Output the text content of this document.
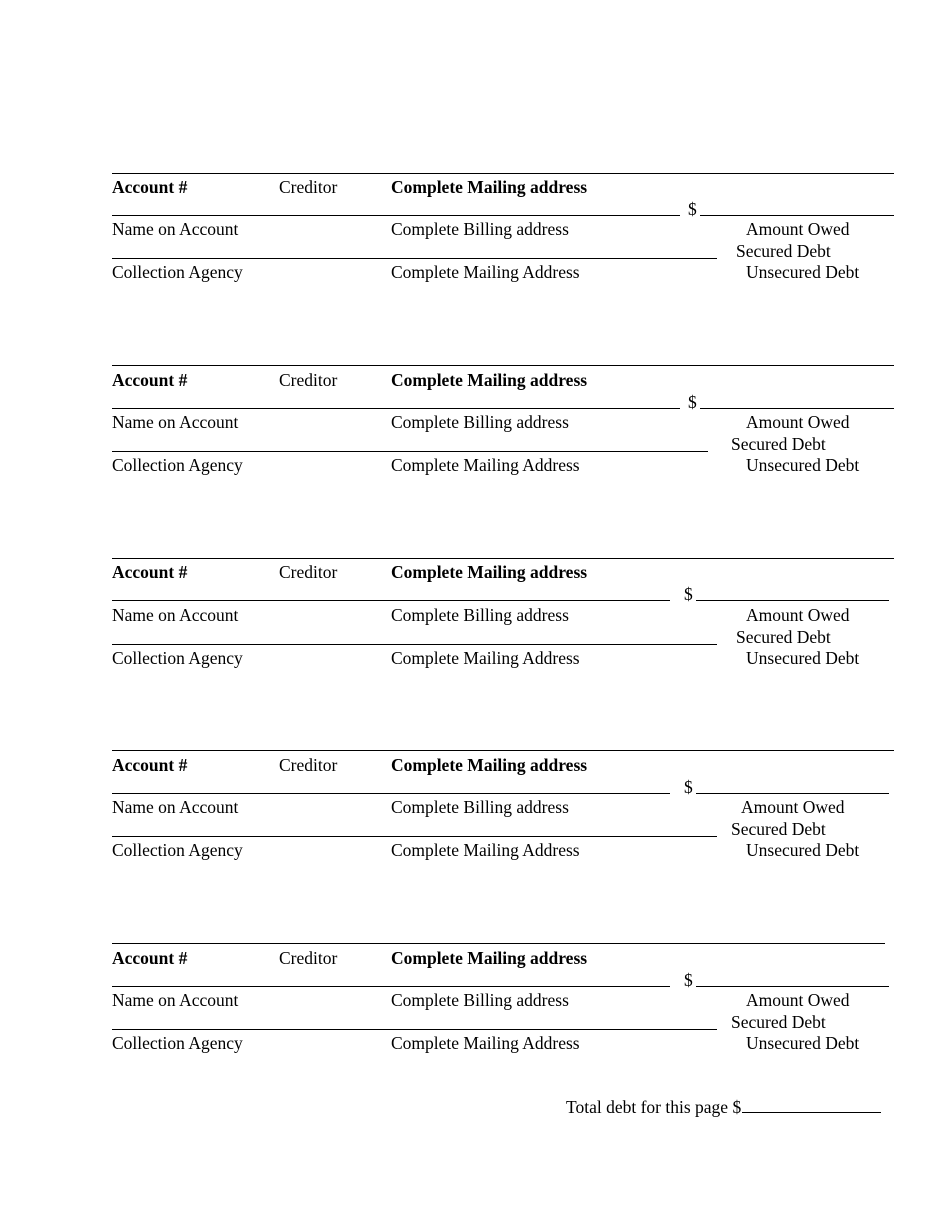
Account #	Creditor	Complete Mailing address
$
Name on Account	Complete Billing address	Amount Owed
Secured Debt
Collection Agency	Complete Mailing Address	Unsecured Debt
Account #	Creditor	Complete Mailing address
$
Name on Account	Complete Billing address	Amount Owed
Secured Debt
Collection Agency	Complete Mailing Address	Unsecured Debt
Account #	Creditor	Complete Mailing address
$
Name on Account	Complete Billing address	Amount Owed
Secured Debt
Collection Agency	Complete Mailing Address	Unsecured Debt
Account #	Creditor	Complete Mailing address
$
Name on Account	Complete Billing address	Amount Owed
Secured Debt
Collection Agency	Complete Mailing Address	Unsecured Debt
Account #	Creditor	Complete Mailing address
$
Name on Account	Complete Billing address	Amount Owed
Secured Debt
Collection Agency	Complete Mailing Address	Unsecured Debt
Total debt for this page $
